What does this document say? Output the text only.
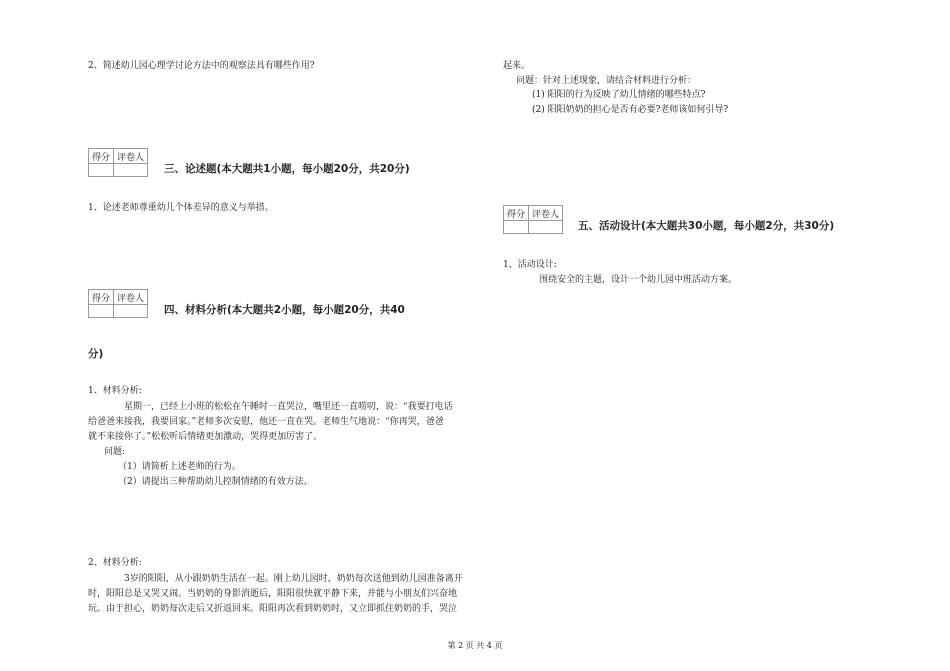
2、简述幼儿园心理学讨论方法中的观察法具有哪些作用?
得分	评卷人

三、论述题(本大题共1小题，每小题20分，共20分)
1、论述老师尊重幼儿个体差异的意义与举措。
得分	评卷人

四、材料分析(本大题共2小题，每小题20分，共40
分)
1、材料分析:
星期一，已经上小班的松松在午睡时一直哭泣，嘴里还一直唠叨，说：“我要打电话
给爸爸来接我，我要回家。”老师多次安慰，他还一直在哭。老师生气地说：“你再哭，爸爸
就不来接你了。”松松听后情绪更加激动，哭得更加厉害了。
问题:
（1）请简析上述老师的行为。
（2）请提出三种帮助幼儿控制情绪的有效方法。
2、材料分析:
3岁的阳阳，从小跟奶奶生活在一起。刚上幼儿园时，奶奶每次送他到幼儿园准备离开
时，阳阳总是又哭又闹。当奶奶的身影消逝后，阳阳很快就平静下来，并能与小朋友们兴奋地
玩。由于担心，奶奶每次走后又折返回来。阳阳再次看到奶奶时，又立即抓住奶奶的手，哭泣
起来。
问题：针对上述现象，请结合材料进行分析：
(1) 阳阳的行为反映了幼儿情绪的哪些特点?
(2) 阳阳奶奶的担心是否有必要?老师该如何引导?
得分	评卷人

五、活动设计(本大题共30小题，每小题2分，共30分)
1、活动设计:
围绕安全的主题，设计一个幼儿园中班活动方案。
第 2 页 共 4 页
